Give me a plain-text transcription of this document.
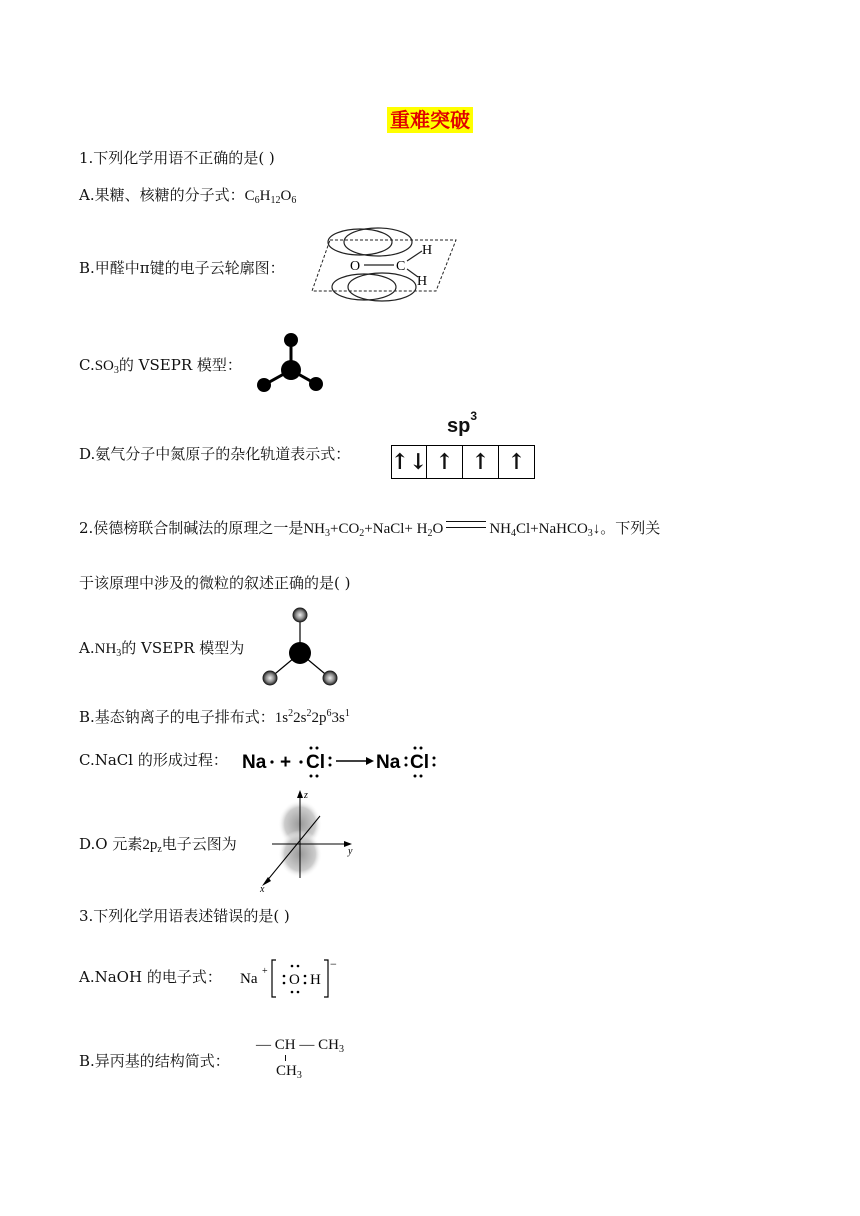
重难突破
1.下列化学用语不正确的是( )
A.果糖、核糖的分子式：$C_6H_{12}O_6$
B.甲醛中π键的电子云轮廓图：	O	C
H
H
$C.SO_3$的 VSEPR 模型：
D.氨气分子中氮原子的杂化轨道表示式：
$sp^3$
↑↓ ↑ ↑ ↑
2.侯德榜联合制碱法的原理之一是$NH_3+CO_2+NaCl+ H_2O$	$NH_4Cl+NaHCO_3↓$。下列关
于该原理中涉及的微粒的叙述正确的是( )
$A.NH_3$的 VSEPR 模型为
B.基态钠离子的电子排布式：$1s^22s^22p^63s^1$
C.NaCl 的形成过程： Na + Cl	Na Cl
D.O 元素$2p_z$电子云图为
z
y
x
3.下列化学用语表述错误的是( )
A.NaOH 的电子式： Na +
O H
−
B.异丙基的结构简式：
— CH — $CH_3$
$CH_3$
